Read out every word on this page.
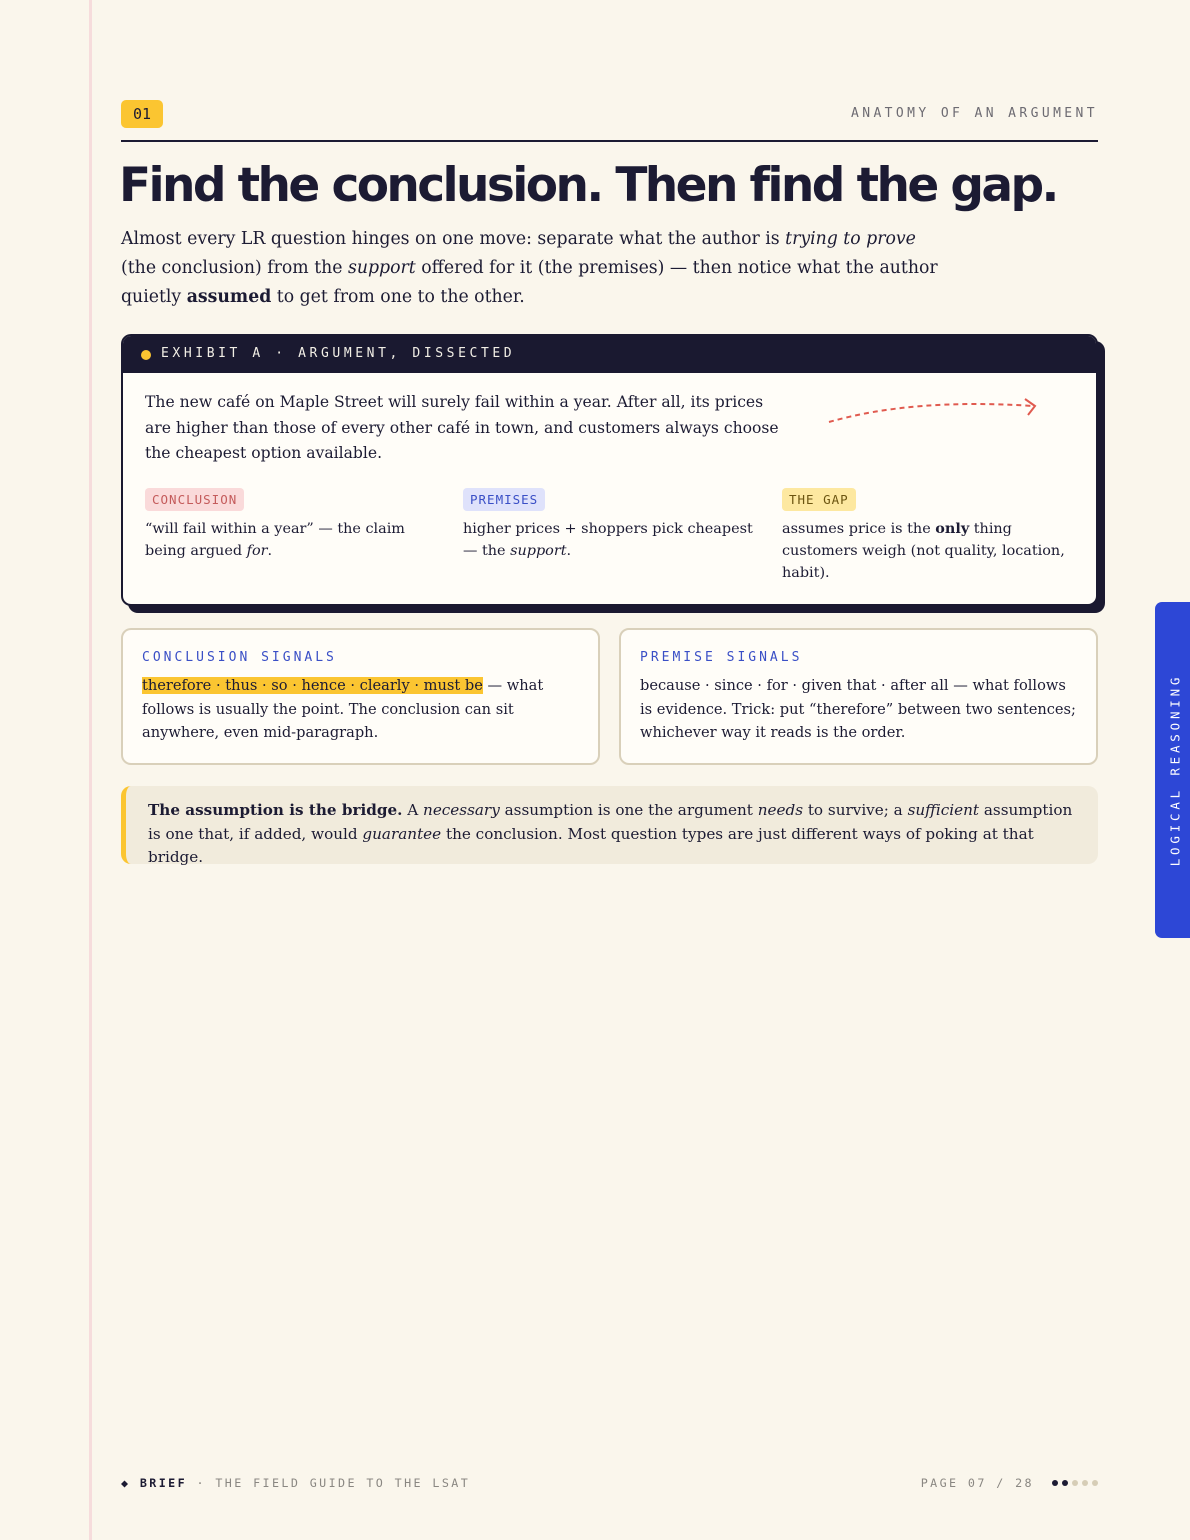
01	ANATOMY OF AN ARGUMENT
Find the conclusion. Then find the gap.

Almost every LR question hinges on one move: separate what the author is trying to prove (the conclusion) from the support offered for it (the premises) — then notice what the author quietly assumed to get from one to the other.

EXHIBIT A · ARGUMENT, DISSECTED

The new café on Maple Street will surely fail within a year. After all, its prices are higher than those of every other café in town, and customers always choose the cheapest option available.

CONCLUSION

“will fail within a year” — the claim being argued for.

PREMISES

higher prices + shoppers pick cheapest — the support.

THE GAP

assumes price is the only thing customers weigh (not quality, location, habit).

CONCLUSION SIGNALS

therefore · thus · so · hence · clearly · must be — what follows is usually the point. The conclusion can sit anywhere, even mid-paragraph.

PREMISE SIGNALS

because · since · for · given that · after all — what follows is evidence. Trick: put “therefore” between two sentences; whichever way it reads is the order.

The assumption is the bridge. A necessary assumption is one the argument needs to survive; a sufficient assumption is one that, if added, would guarantee the conclusion. Most question types are just different ways of poking at that bridge.	LOGICAL REASONING
◆ BRIEF · THE FIELD GUIDE TO THE LSAT	PAGE 07 / 28
